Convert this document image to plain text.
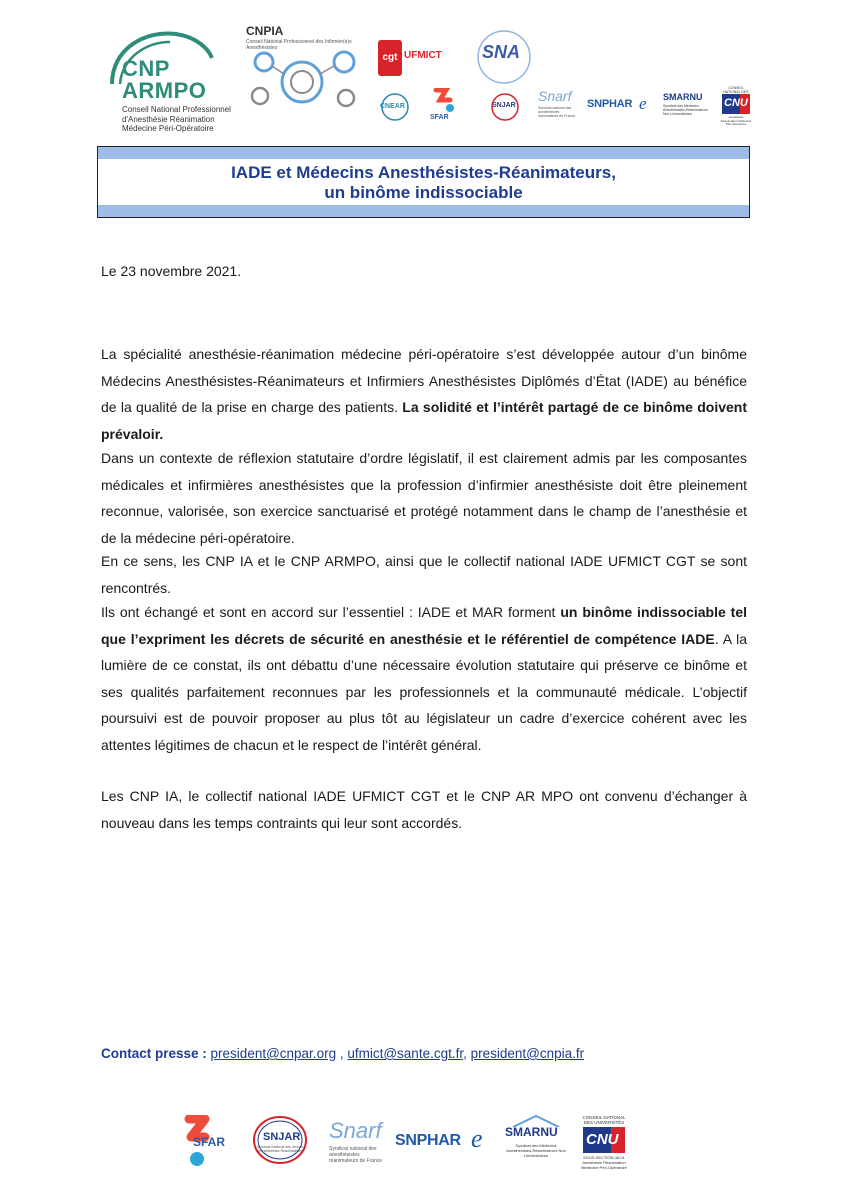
CNP
ARMPO
Conseil National Professionnel
d'Anesthésie Réanimation
Médecine Péri-Opératoire
CNPIA
Conseil National Professionnel des Infirmier(e)s Anesthésistes
cgt UFMICT SNA
CNEAR
SFAR
SNJAR
Snarf
Syndicat national des anesthésistes réanimateurs de France
SNPHAR e SMARNU
Syndicat des Médecins Anesthésistes-Réanimateurs Non Universitaires
CONSEIL NATIONAL DES
CNU
Anesthésie Réanimation Médecine Péri-Opératoire
IADE et Médecins Anesthésistes-Réanimateurs,
un binôme indissociable
Le 23 novembre 2021.
La spécialité anesthésie-réanimation médecine péri-opératoire s’est développée autour d’un binôme Médecins Anesthésistes-Réanimateurs et Infirmiers Anesthésistes Diplômés d’État (IADE) au bénéfice de la qualité de la prise en charge des patients. La solidité et l’intérêt partagé de ce binôme doivent prévaloir.
Dans un contexte de réflexion statutaire d’ordre législatif, il est clairement admis par les composantes médicales et infirmières anesthésistes que la profession d’infirmier anesthésiste doit être pleinement reconnue, valorisée, son exercice sanctuarisé et protégé notamment dans le champ de l’anesthésie et de la médecine péri-opératoire.
En ce sens, les CNP IA et le CNP ARMPO, ainsi que le collectif national IADE UFMICT CGT se sont rencontrés.
Ils ont échangé et sont en accord sur l’essentiel : IADE et MAR forment un binôme indissociable tel que l’expriment les décrets de sécurité en anesthésie et le référentiel de compétence IADE. A la lumière de ce constat, ils ont débattu d’une nécessaire évolution statutaire qui préserve ce binôme et ses qualités parfaitement reconnues par les professionnels et la communauté médicale. L’objectif poursuivi est de pouvoir proposer au plus tôt au législateur un cadre d’exercice cohérent avec les attentes légitimes de chacun et le respect de l’intérêt général.
Les CNP IA, le collectif national IADE UFMICT CGT et le CNP AR MPO ont convenu d’échanger à nouveau dans les temps contraints qui leur sont accordés.
Contact presse : president@cnpar.org , ufmict@sante.cgt.fr, president@cnpia.fr
SFAR	SNJAR
Syndicat National des Jeunes Anesthésistes-Réanimateurs
Snarf
Syndicat national des anesthésistes réanimateurs de France
SNPHAR e SMARNU
Syndicat des Médecins Anesthésistes-Réanimateurs Non Universitaires
CONSEIL NATIONAL DES UNIVERSITÉS
CNU
SOUS-SECTION 48-01 Anesthésie Réanimation Médecine Péri-Opératoire
